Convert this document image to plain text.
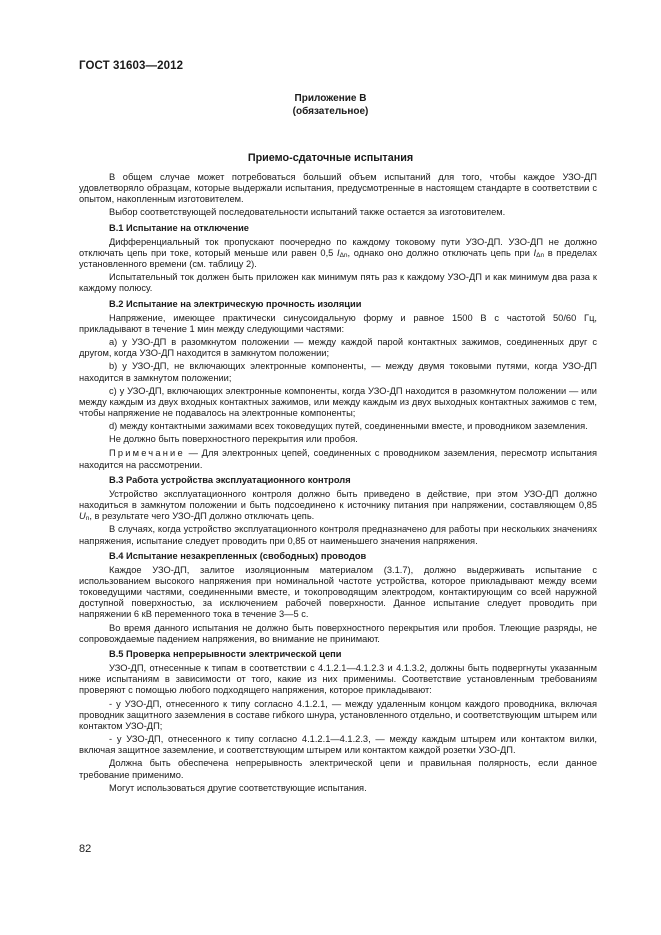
ГОСТ 31603—2012
Приложение В
(обязательное)
Приемо-сдаточные испытания

В общем случае может потребоваться больший объем испытаний для того, чтобы каждое УЗО-ДП удовлетворяло образцам, которые выдержали испытания, предусмотренные в настоящем стандарте в соответствии с опытом, накопленным изготовителем.

Выбор соответствующей последовательности испытаний также остается за изготовителем.

В.1 Испытание на отключение

Дифференциальный ток пропускают поочередно по каждому токовому пути УЗО-ДП. УЗО-ДП не должно отключать цепь при токе, который меньше или равен 0,5 $I_{\Delta n}$, однако оно должно отключать цепь при $I_{\Delta n}$ в пределах установленного времени (см. таблицу 2).

Испытательный ток должен быть приложен как минимум пять раз к каждому УЗО-ДП и как минимум два раза к каждому полюсу.

В.2 Испытание на электрическую прочность изоляции

Напряжение, имеющее практически синусоидальную форму и равное 1500 В с частотой 50/60 Гц, прикладывают в течение 1 мин между следующими частями:

а) у УЗО-ДП в разомкнутом положении — между каждой парой контактных зажимов, соединенных друг с другом, когда УЗО-ДП находится в замкнутом положении;

b) у УЗО-ДП, не включающих электронные компоненты, — между двумя токовыми путями, когда УЗО-ДП находится в замкнутом положении;

с) у УЗО-ДП, включающих электронные компоненты, когда УЗО-ДП находится в разомкнутом положении — или между каждым из двух входных контактных зажимов, или между каждым из двух выходных контактных зажимов с тем, чтобы напряжение не подавалось на электронные компоненты;

d) между контактными зажимами всех токоведущих путей, соединенными вместе, и проводником заземления.

Не должно быть поверхностного перекрытия или пробоя.

Примечание — Для электронных цепей, соединенных с проводником заземления, пересмотр испытания находится на рассмотрении.

В.3 Работа устройства эксплуатационного контроля

Устройство эксплуатационного контроля должно быть приведено в действие, при этом УЗО-ДП должно находиться в замкнутом положении и быть подсоединено к источнику питания при напряжении, составляющем 0,85 $U_n$, в результате чего УЗО-ДП должно отключать цепь.

В случаях, когда устройство эксплуатационного контроля предназначено для работы при нескольких значениях напряжения, испытание следует проводить при 0,85 от наименьшего значения напряжения.

В.4 Испытание незакрепленных (свободных) проводов

Каждое УЗО-ДП, залитое изоляционным материалом (3.1.7), должно выдерживать испытание с использованием высокого напряжения при номинальной частоте устройства, которое прикладывают между всеми токоведущими частями, соединенными вместе, и токопроводящим электродом, контактирующим со всей наружной доступной поверхностью, за исключением рабочей поверхности. Данное испытание следует проводить при напряжении 6 кВ переменного тока в течение 3—5 с.

Во время данного испытания не должно быть поверхностного перекрытия или пробоя. Тлеющие разряды, не сопровождаемые падением напряжения, во внимание не принимают.

В.5 Проверка непрерывности электрической цепи

УЗО-ДП, отнесенные к типам в соответствии с 4.1.2.1—4.1.2.3 и 4.1.3.2, должны быть подвергнуты указанным ниже испытаниям в зависимости от того, какие из них применимы. Соответствие установленным требованиям проверяют с помощью любого подходящего напряжения, которое прикладывают:

- у УЗО-ДП, отнесенного к типу согласно 4.1.2.1, — между удаленным концом каждого проводника, включая проводник защитного заземления в составе гибкого шнура, установленного отдельно, и соответствующим штырем или контактом УЗО-ДП;

- у УЗО-ДП, отнесенного к типу согласно 4.1.2.1—4.1.2.3, — между каждым штырем или контактом вилки, включая защитное заземление, и соответствующим штырем или контактом каждой розетки УЗО-ДП.

Должна быть обеспечена непрерывность электрической цепи и правильная полярность, если данное требование применимо.

Могут использоваться другие соответствующие испытания.

82
